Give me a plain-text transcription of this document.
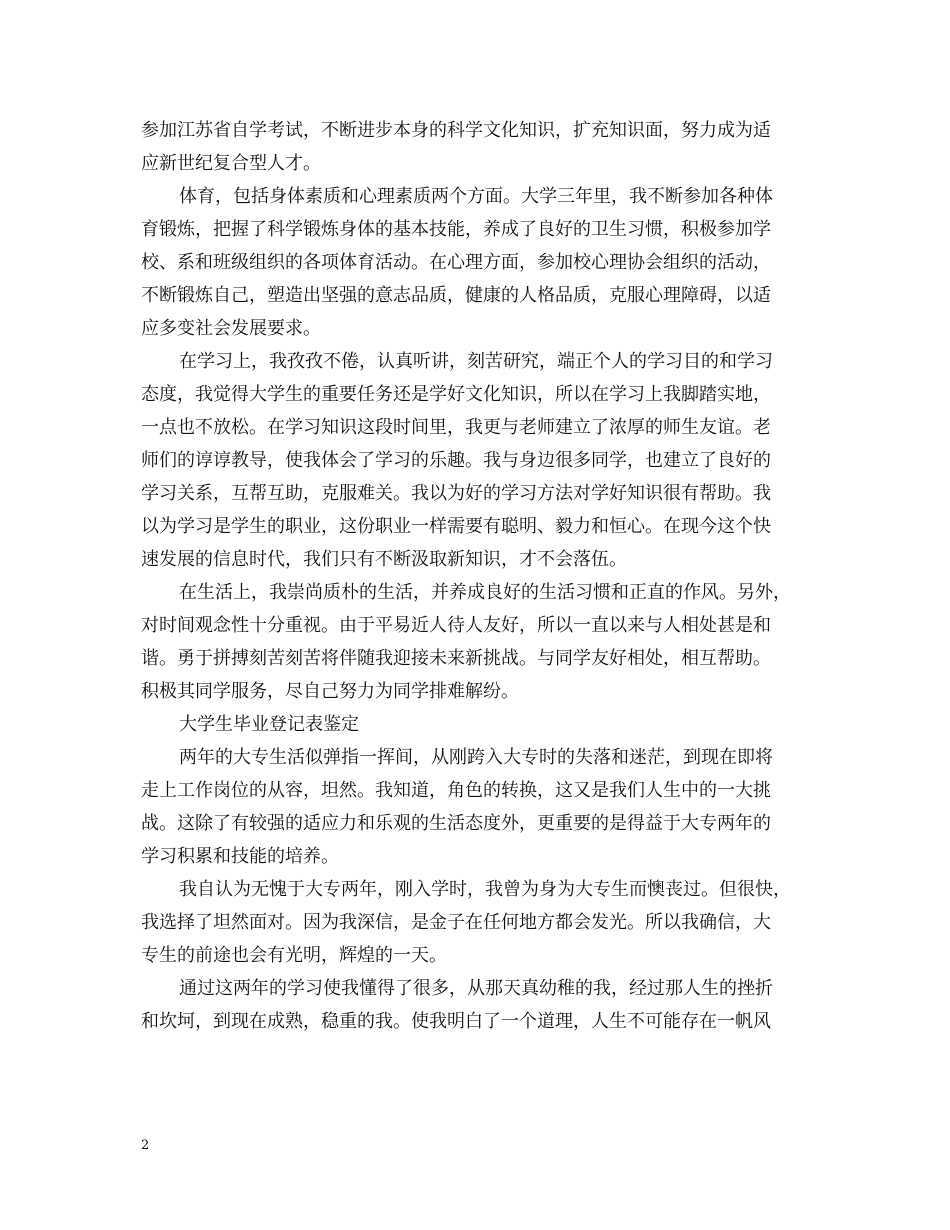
参加江苏省自学考试，不断进步本身的科学文化知识，扩充知识面，努力成为适
应新世纪复合型人才。
体育，包括身体素质和心理素质两个方面。大学三年里，我不断参加各种体
育锻炼，把握了科学锻炼身体的基本技能，养成了良好的卫生习惯，积极参加学
校、系和班级组织的各项体育活动。在心理方面，参加校心理协会组织的活动，
不断锻炼自己，塑造出坚强的意志品质，健康的人格品质，克服心理障碍，以适
应多变社会发展要求。
在学习上，我孜孜不倦，认真听讲，刻苦研究，端正个人的学习目的和学习
态度，我觉得大学生的重要任务还是学好文化知识，所以在学习上我脚踏实地，
一点也不放松。在学习知识这段时间里，我更与老师建立了浓厚的师生友谊。老
师们的谆谆教导，使我体会了学习的乐趣。我与身边很多同学，也建立了良好的
学习关系，互帮互助，克服难关。我以为好的学习方法对学好知识很有帮助。我
以为学习是学生的职业，这份职业一样需要有聪明、毅力和恒心。在现今这个快
速发展的信息时代，我们只有不断汲取新知识，才不会落伍。
在生活上，我崇尚质朴的生活，并养成良好的生活习惯和正直的作风。另外，
对时间观念性十分重视。由于平易近人待人友好，所以一直以来与人相处甚是和
谐。勇于拼搏刻苦刻苦将伴随我迎接未来新挑战。与同学友好相处，相互帮助。
积极其同学服务，尽自己努力为同学排难解纷。
大学生毕业登记表鉴定
两年的大专生活似弹指一挥间，从刚跨入大专时的失落和迷茫，到现在即将
走上工作岗位的从容，坦然。我知道，角色的转换，这又是我们人生中的一大挑
战。这除了有较强的适应力和乐观的生活态度外，更重要的是得益于大专两年的
学习积累和技能的培养。
我自认为无愧于大专两年，刚入学时，我曾为身为大专生而懊丧过。但很快，
我选择了坦然面对。因为我深信，是金子在任何地方都会发光。所以我确信，大
专生的前途也会有光明，辉煌的一天。
通过这两年的学习使我懂得了很多，从那天真幼稚的我，经过那人生的挫折
和坎坷，到现在成熟，稳重的我。使我明白了一个道理，人生不可能存在一帆风
2
